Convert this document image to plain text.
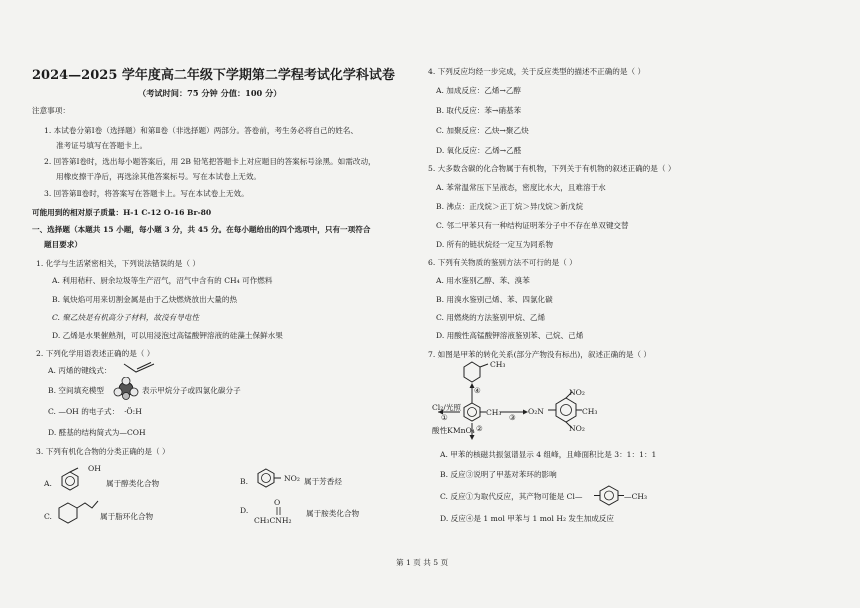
2024—2025 学年度高二年级下学期第二学程考试化学科试卷
（考试时间：75 分钟 分值：100 分）
注意事项：
1. 本试卷分第Ⅰ卷（选择题）和第Ⅱ卷（非选择题）两部分。答卷前，考生务必将自己的姓名、
准考证号填写在答题卡上。
2. 回答第Ⅰ卷时，选出每小题答案后，用 2B 铅笔把答题卡上对应题目的答案标号涂黑。如需改动，
用橡皮擦干净后，再选涂其他答案标号。写在本试卷上无效。
3. 回答第Ⅱ卷时，将答案写在答题卡上。写在本试卷上无效。
可能用到的相对原子质量：H-1 C-12 O-16 Br-80
一、选择题（本题共 15 小题，每小题 3 分，共 45 分。在每小题给出的四个选项中，只有一项符合
题目要求）
1. 化学与生活紧密相关，下列说法错误的是（ ）
A. 利用秸秆、厨余垃圾等生产沼气，沼气中含有的 CH₄ 可作燃料
B. 氧炔焰可用来切割金属是由于乙炔燃烧放出大量的热
C. 聚乙炔是有机高分子材料，故没有导电性
D. 乙烯是水果催熟剂，可以用浸泡过高锰酸钾溶液的硅藻土保鲜水果
2. 下列化学用语表述正确的是（ ）
A. 丙烯的键线式：
B. 空间填充模型	表示甲烷分子或四氯化碳分子
C. —OH 的电子式： ·Ö:H
D. 醛基的结构简式为—COH
3. 下列有机化合物的分类正确的是（ ）
A.
OH
属于醇类化合物	B.	NO₂ 属于芳香烃
C.	属于脂环化合物
D.
O
CH₃CNH₂
属于胺类化合物
4. 下列反应均经一步完成，关于反应类型的描述不正确的是（ ）
A. 加成反应：乙烯→乙醇
B. 取代反应：苯→硝基苯
C. 加聚反应：乙炔→聚乙炔
D. 氧化反应：乙烯→乙醛
5. 大多数含碳的化合物属于有机物，下列关于有机物的叙述正确的是（ ）
A. 苯常温常压下呈液态，密度比水大，且难溶于水
B. 沸点：正戊烷＞正丁烷＞异戊烷＞新戊烷
C. 邻二甲苯只有一种结构证明苯分子中不存在单双键交替
D. 所有的链状烷烃一定互为同系物
6. 下列有关物质的鉴别方法不可行的是（ ）
A. 用水鉴别乙醇、苯、溴苯
B. 用溴水鉴别己烯、苯、四氯化碳
C. 用燃烧的方法鉴别甲烷、乙烯
D. 用酸性高锰酸钾溶液鉴别苯、己烷、己烯
7. 如图是甲苯的转化关系(部分产物没有标出)，叙述正确的是（ ）
CH₃
④
Cl₂/光照
①
CH₃
③
NO₂
O₂N	CH₃
NO₂
②
酸性KMnO₄
A. 甲苯的核磁共振氢谱显示 4 组峰，且峰面积比是 3：1：1：1
B. 反应③说明了甲基对苯环的影响
C. 反应①为取代反应，其产物可能是 Cl—	—CH₃
D. 反应④是 1 mol 甲苯与 1 mol H₂ 发生加成反应
第 1 页 共 5 页
